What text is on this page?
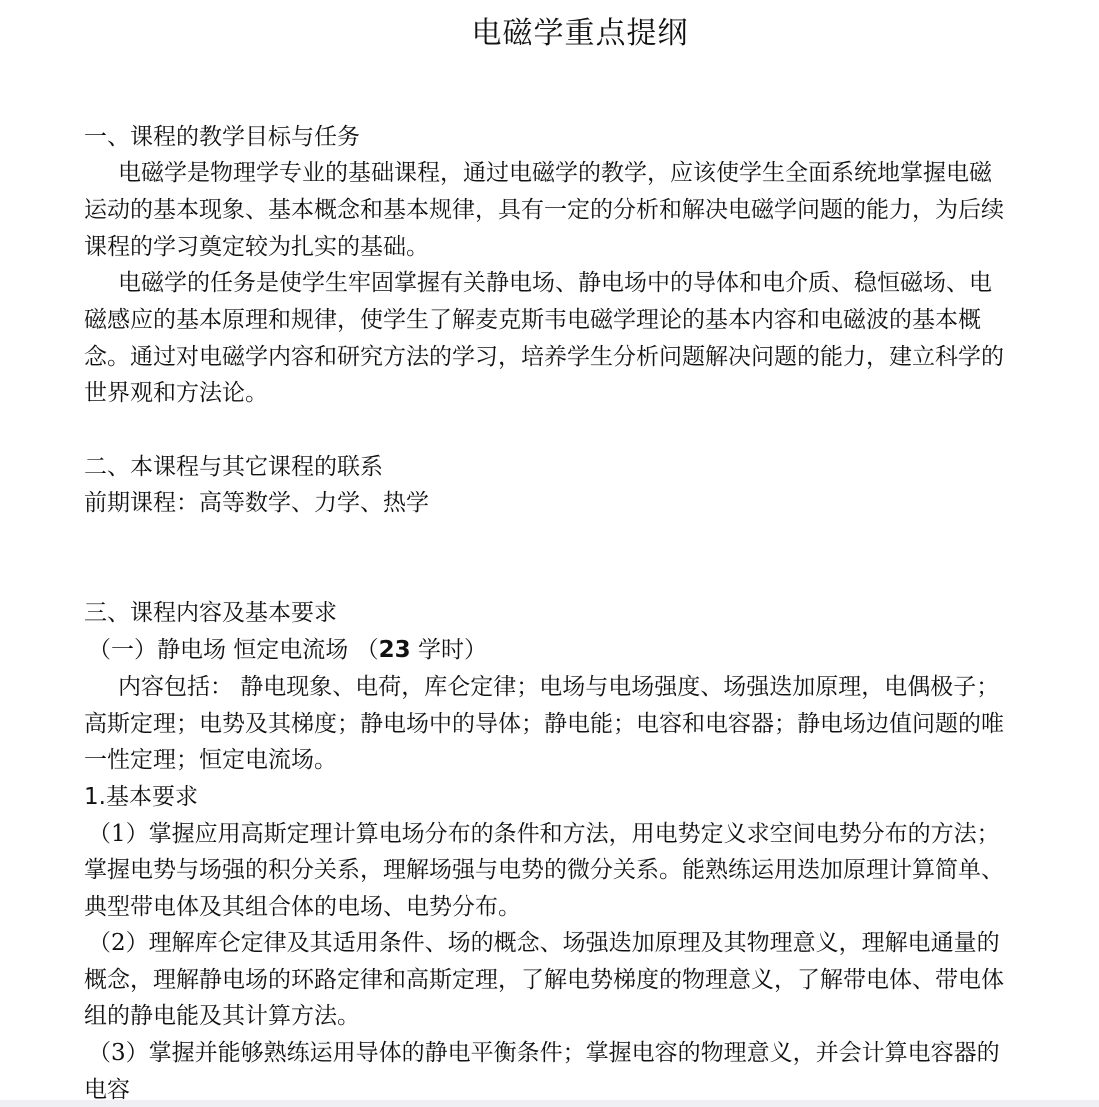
电磁学重点提纲
一、课程的教学目标与任务
电磁学是物理学专业的基础课程，通过电磁学的教学，应该使学生全面系统地掌握电磁
运动的基本现象、基本概念和基本规律，具有一定的分析和解决电磁学问题的能力，为后续
课程的学习奠定较为扎实的基础。
电磁学的任务是使学生牢固掌握有关静电场、静电场中的导体和电介质、稳恒磁场、电
磁感应的基本原理和规律，使学生了解麦克斯韦电磁学理论的基本内容和电磁波的基本概
念。通过对电磁学内容和研究方法的学习，培养学生分析问题解决问题的能力，建立科学的
世界观和方法论。
二、本课程与其它课程的联系
前期课程：高等数学、力学、热学
三、课程内容及基本要求
（一）静电场 恒定电流场 （23 学时）
内容包括： 静电现象、电荷，库仑定律；电场与电场强度、场强迭加原理，电偶极子；
高斯定理；电势及其梯度；静电场中的导体；静电能；电容和电容器；静电场边值问题的唯
一性定理；恒定电流场。
1.基本要求
（1）掌握应用高斯定理计算电场分布的条件和方法，用电势定义求空间电势分布的方法；
掌握电势与场强的积分关系，理解场强与电势的微分关系。能熟练运用迭加原理计算简单、
典型带电体及其组合体的电场、电势分布。
（2）理解库仑定律及其适用条件、场的概念、场强迭加原理及其物理意义，理解电通量的
概念，理解静电场的环路定律和高斯定理，了解电势梯度的物理意义，了解带电体、带电体
组的静电能及其计算方法。
（3）掌握并能够熟练运用导体的静电平衡条件；掌握电容的物理意义，并会计算电容器的
电容
